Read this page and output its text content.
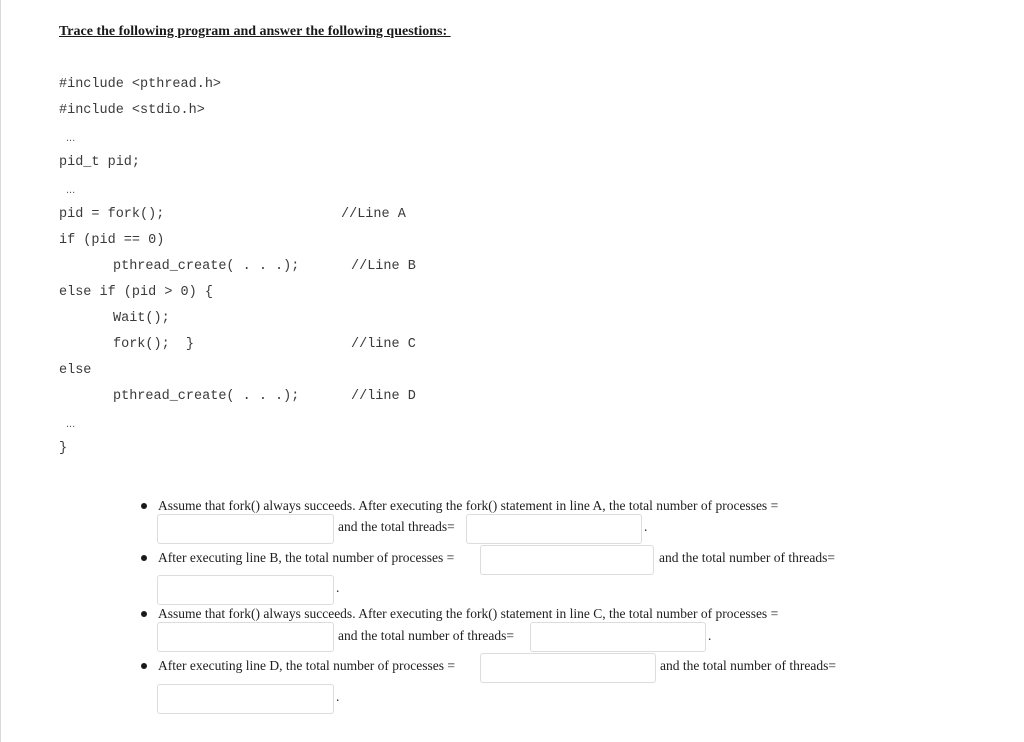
Trace the following program and answer the following questions:
#include <pthread.h>
#include <stdio.h>
...
pid_t pid;
...
pid = fork();	//Line A
if (pid == 0)
pthread_create( . . .);	//Line B
else if (pid > 0) {
Wait();
fork();  }	//line C
else
pthread_create( . . .);	//line D
...
}
Assume that fork() always succeeds. After executing the fork() statement in line A, the total number of processes =
and the total threads=	.
After executing line B, the total number of processes =	and the total number of threads=
.
Assume that fork() always succeeds. After executing the fork() statement in line C, the total number of processes =
and the total number of threads=	.
After executing line D, the total number of processes =	and the total number of threads=
.
